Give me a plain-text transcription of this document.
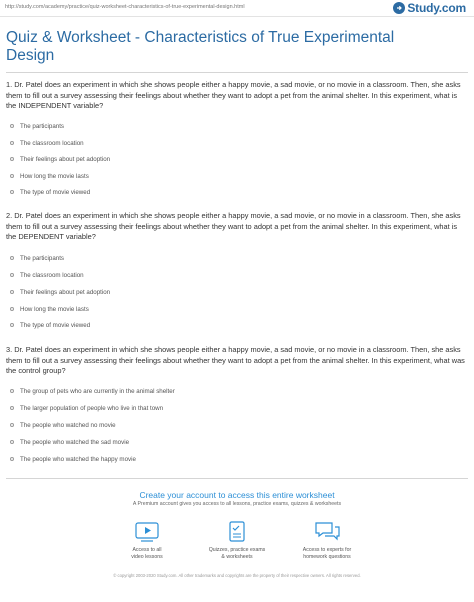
http://study.com/academy/practice/quiz-worksheet-characteristics-of-true-experimental-design.html	Study.com
Quiz & Worksheet - Characteristics of True Experimental
Design
1. Dr. Patel does an experiment in which she shows people either a happy movie, a sad movie, or no movie in a classroom. Then, she asks them to fill out a survey assessing their feelings about whether they want to adopt a pet from the animal shelter. In this experiment, what is the INDEPENDENT variable?
The participants
The classroom location
Their feelings about pet adoption
How long the movie lasts
The type of movie viewed
2. Dr. Patel does an experiment in which she shows people either a happy movie, a sad movie, or no movie in a classroom. Then, she asks them to fill out a survey assessing their feelings about whether they want to adopt a pet from the animal shelter. In this experiment, what is the DEPENDENT variable?
The participants
The classroom location
Their feelings about pet adoption
How long the movie lasts
The type of movie viewed
3. Dr. Patel does an experiment in which she shows people either a happy movie, a sad movie, or no movie in a classroom. Then, she asks them to fill out a survey assessing their feelings about whether they want to adopt a pet from the animal shelter. In this experiment, what was the control group?
The group of pets who are currently in the animal shelter
The larger population of people who live in that town
The people who watched no movie
The people who watched the sad movie
The people who watched the happy movie
Create your account to access this entire worksheet
A Premium account gives you access to all lessons, practice exams, quizzes & worksheets
Access to all
video lessons
Quizzes, practice exams
& worksheets
Access to experts for
homework questions
© copyright 2003-2020 Study.com. All other trademarks and copyrights are the property of their respective owners. All rights reserved.
